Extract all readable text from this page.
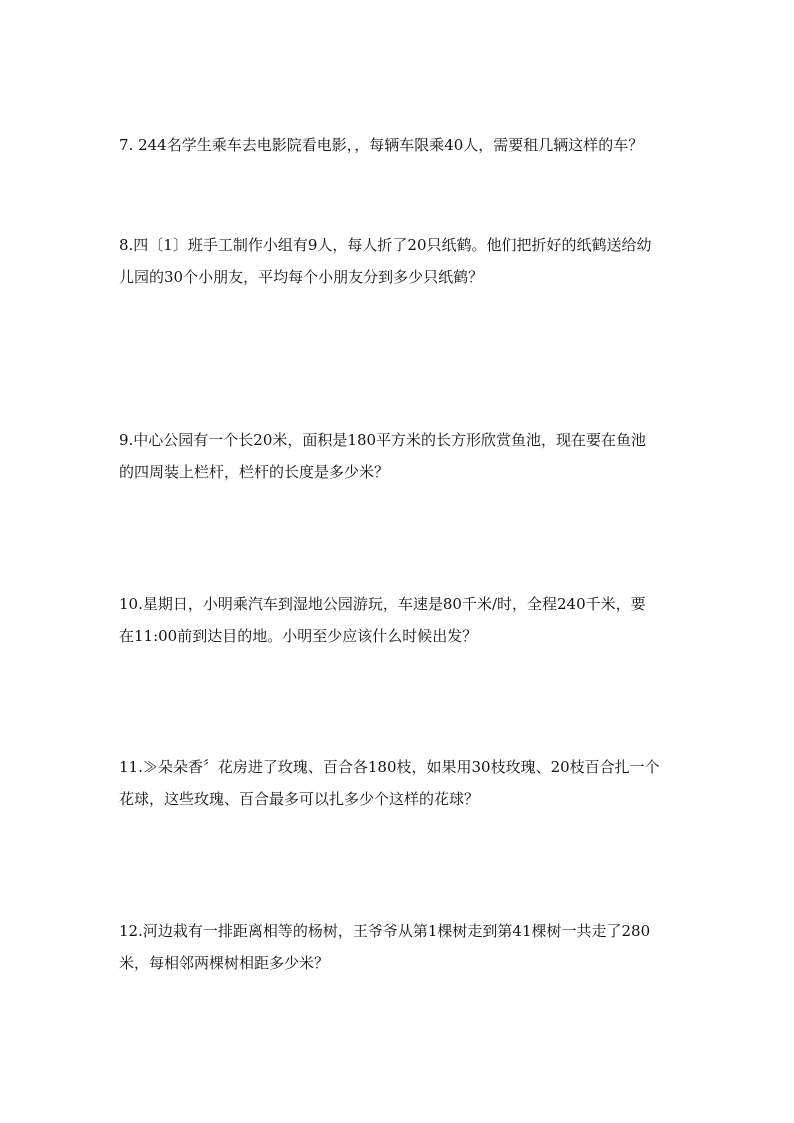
7. 244名学生乘车去电影院看电影，，每辆车限乘40人，需要租几辆这样的车？
8.四〔1〕班手工制作小组有9人，每人折了20只纸鹤。他们把折好的纸鹤送给幼
儿园的30个小朋友，平均每个小朋友分到多少只纸鹤？
9.中心公园有一个长20米，面积是180平方米的长方形欣赏鱼池，现在要在鱼池
的四周装上栏杆，栏杆的长度是多少米？
10.星期日，小明乘汽车到湿地公园游玩，车速是80千米/时，全程240千米，要
在11:00前到达目的地。小明至少应该什么时候出发？
11.≫朵朵香〞花房进了玫瑰、百合各180枝，如果用30枝玫瑰、20枝百合扎一个
花球，这些玫瑰、百合最多可以扎多少个这样的花球？
12.河边栽有一排距离相等的杨树，王爷爷从第1棵树走到第41棵树一共走了280
米，每相邻两棵树相距多少米？
